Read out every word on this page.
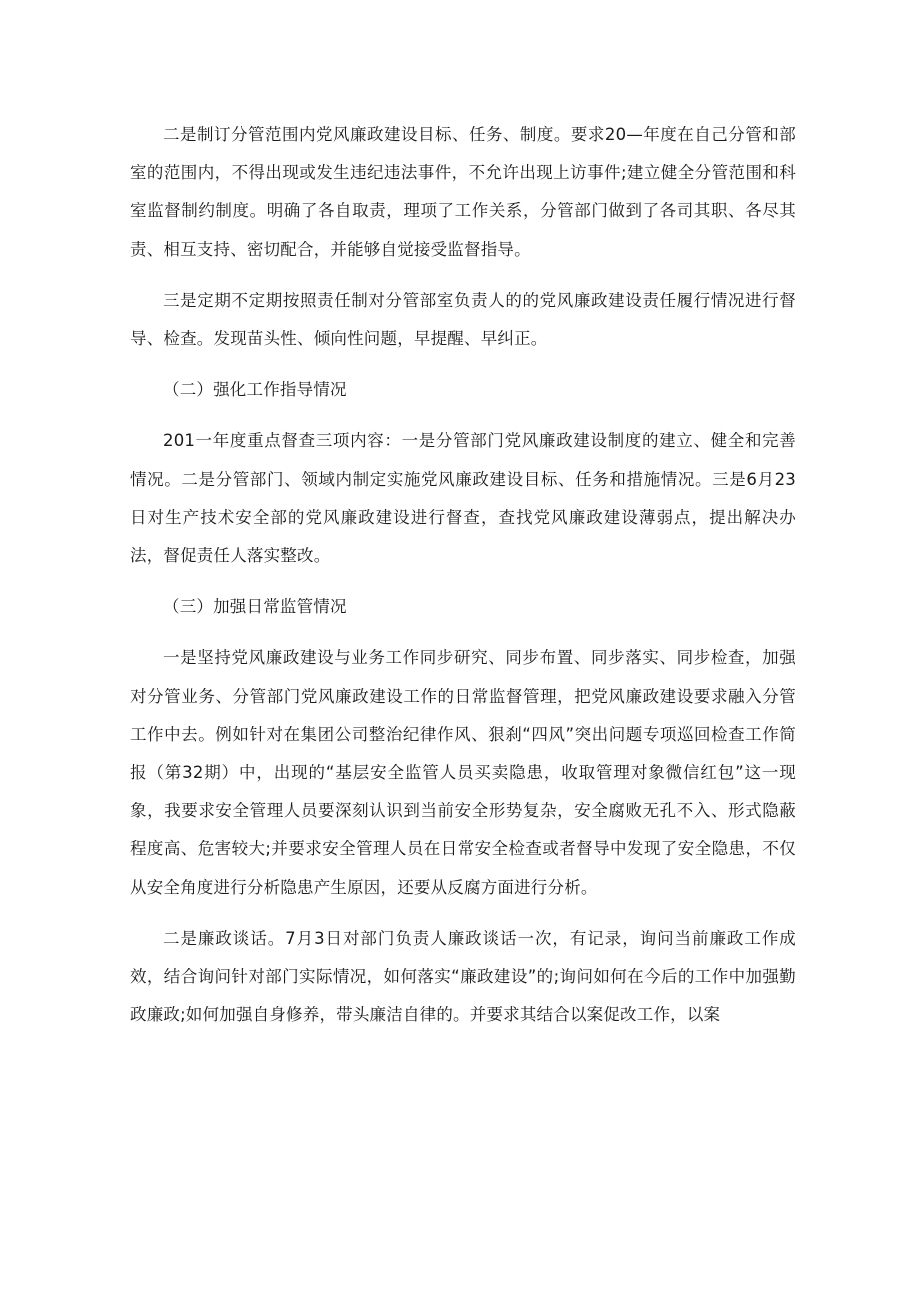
二是制订分管范围内党风廉政建设目标、任务、制度。要求20—年度在自己分管和部室的范围内，不得出现或发生违纪违法事件，不允许出现上访事件;建立健全分管范围和科室监督制约制度。明确了各自取责，理项了工作关系，分管部门做到了各司其职、各尽其责、相互支持、密切配合，并能够自觉接受监督指导。

三是定期不定期按照责任制对分管部室负责人的的党风廉政建设责任履行情况进行督导、检查。发现苗头性、倾向性问题，早提醒、早纠正。

（二）强化工作指导情况

201一年度重点督查三项内容：一是分管部门党风廉政建设制度的建立、健全和完善情况。二是分管部门、领域内制定实施党风廉政建设目标、任务和措施情况。三是6月23日对生产技术安全部的党风廉政建设进行督查，查找党风廉政建设薄弱点，提出解决办法，督促责任人落实整改。

（三）加强日常监管情况

一是坚持党风廉政建设与业务工作同步研究、同步布置、同步落实、同步检查，加强对分管业务、分管部门党风廉政建设工作的日常监督管理，把党风廉政建设要求融入分管工作中去。例如针对在集团公司整治纪律作风、狠刹“四风”突出问题专项巡回检查工作简报（第32期）中，出现的“基层安全监管人员买卖隐患，收取管理对象微信红包”这一现象，我要求安全管理人员要深刻认识到当前安全形势复杂，安全腐败无孔不入、形式隐蔽程度高、危害较大;并要求安全管理人员在日常安全检查或者督导中发现了安全隐患，不仅从安全角度进行分析隐患产生原因，还要从反腐方面进行分析。

二是廉政谈话。7月3日对部门负责人廉政谈话一次，有记录，询问当前廉政工作成效，结合询问针对部门实际情况，如何落实“廉政建设”的;询问如何在今后的工作中加强勤政廉政;如何加强自身修养，带头廉洁自律的。并要求其结合以案促改工作，以案
